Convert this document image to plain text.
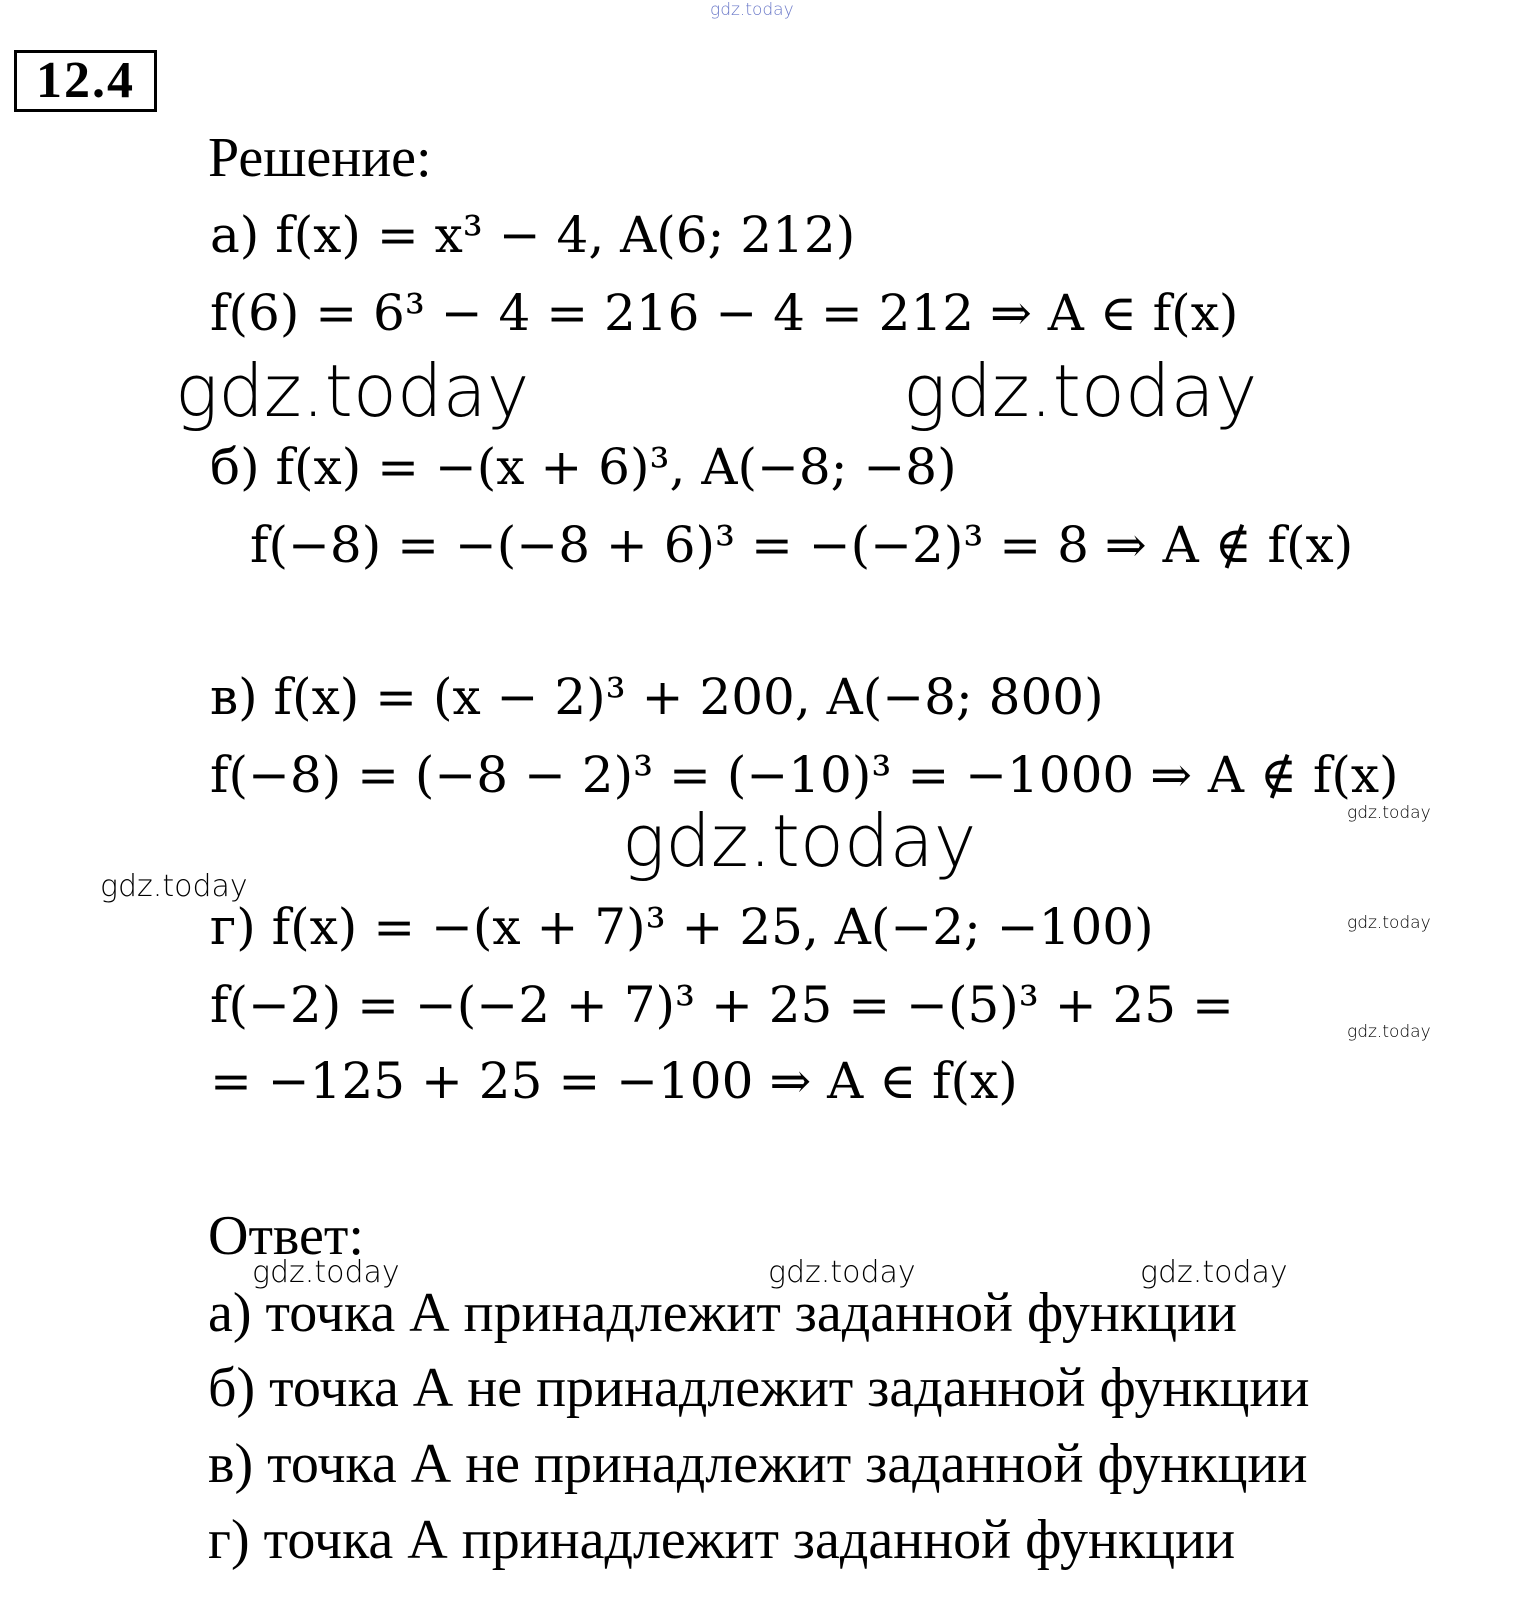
gdz.today
12.4
Решение:
а) f(x) = x³ − 4, A(6; 212)
f(6) = 6³ − 4 = 216 − 4 = 212 ⇒ A ∈ f(x)
gdz.today	gdz.today
б) f(x) = −(x + 6)³, A(−8; −8)
f(−8) = −(−8 + 6)³ = −(−2)³ = 8 ⇒ A ∉ f(x)
в) f(x) = (x − 2)³ + 200, A(−8; 800)
f(−8) = (−8 − 2)³ = (−10)³ = −1000 ⇒ A ∉ f(x)
gdz.today
gdz.today
gdz.today
gdz.today
г) f(x) = −(x + 7)³ + 25, A(−2; −100)
f(−2) = −(−2 + 7)³ + 25 = −(5)³ + 25 =	gdz.today
= −125 + 25 = −100 ⇒ A ∈ f(x)
Ответ:
gdz.today	gdz.today	gdz.today
а) точка А принадлежит заданной функции
б) точка А не принадлежит заданной функции
в) точка А не принадлежит заданной функции
г) точка А принадлежит заданной функции
